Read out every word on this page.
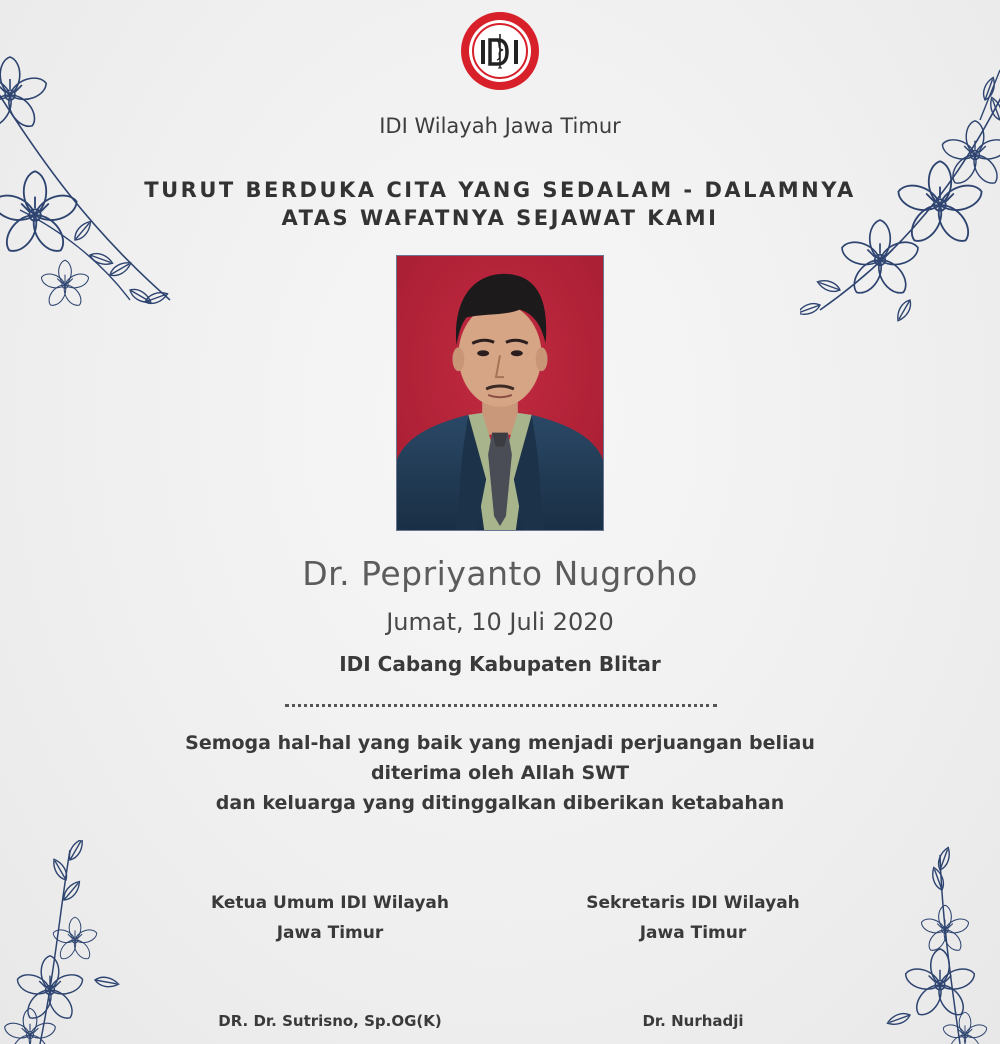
IDI Wilayah Jawa Timur
TURUT BERDUKA CITA YANG SEDALAM - DALAMNYA
ATAS WAFATNYA SEJAWAT KAMI
Dr. Pepriyanto Nugroho
Jumat, 10 Juli 2020
IDI Cabang Kabupaten Blitar
Semoga hal-hal yang baik yang menjadi perjuangan beliau
diterima oleh Allah SWT
dan keluarga yang ditinggalkan diberikan ketabahan
Ketua Umum IDI Wilayah
Jawa Timur
Sekretaris IDI Wilayah
Jawa Timur
DR. Dr. Sutrisno, Sp.OG(K)	Dr. Nurhadji
